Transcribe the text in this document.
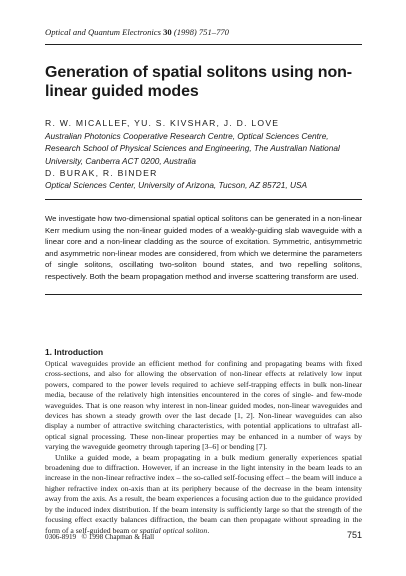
Optical and Quantum Electronics 30 (1998) 751–770
Generation of spatial solitons using non-linear guided modes
R. W. MICALLEF, YU. S. KIVSHAR, J. D. LOVE
Australian Photonics Cooperative Research Centre, Optical Sciences Centre, Research School of Physical Sciences and Engineering, The Australian National University, Canberra ACT 0200, Australia
D. BURAK, R. BINDER
Optical Sciences Center, University of Arizona, Tucson, AZ 85721, USA
We investigate how two-dimensional spatial optical solitons can be generated in a non-linear Kerr medium using the non-linear guided modes of a weakly-guiding slab waveguide with a linear core and a non-linear cladding as the source of excitation. Symmetric, antisymmetric and asymmetric non-linear modes are considered, from which we determine the parameters of single solitons, oscillating two-soliton bound states, and two repelling solitons, respectively. Both the beam propagation method and inverse scattering transform are used.
1. Introduction

Optical waveguides provide an efficient method for confining and propagating beams with fixed cross-sections, and also for allowing the observation of non-linear effects at relatively low input powers, compared to the power levels required to achieve self-trapping effects in bulk non-linear media, because of the relatively high intensities encountered in the cores of single- and few-mode waveguides. That is one reason why interest in non-linear guided modes, non-linear waveguides and devices has shown a steady growth over the last decade [1, 2]. Non-linear waveguides can also display a number of attractive switching characteristics, with potential applications to ultrafast all-optical signal processing. These non-linear properties may be enhanced in a number of ways by varying the waveguide geometry through tapering [3–6] or bending [7].

Unlike a guided mode, a beam propagating in a bulk medium generally experiences spatial broadening due to diffraction. However, if an increase in the light intensity in the beam leads to an increase in the non-linear refractive index – the so-called self-focusing effect – the beam will induce a higher refractive index on-axis than at its periphery because of the decrease in the beam intensity away from the axis. As a result, the beam experiences a focusing action due to the guidance provided by the induced index distribution. If the beam intensity is sufficiently large so that the strength of the focusing effect exactly balances diffraction, the beam can then propagate without spreading in the form of a self-guided beam or spatial optical soliton.

0306-8919 © 1998 Chapman & Hall	751
